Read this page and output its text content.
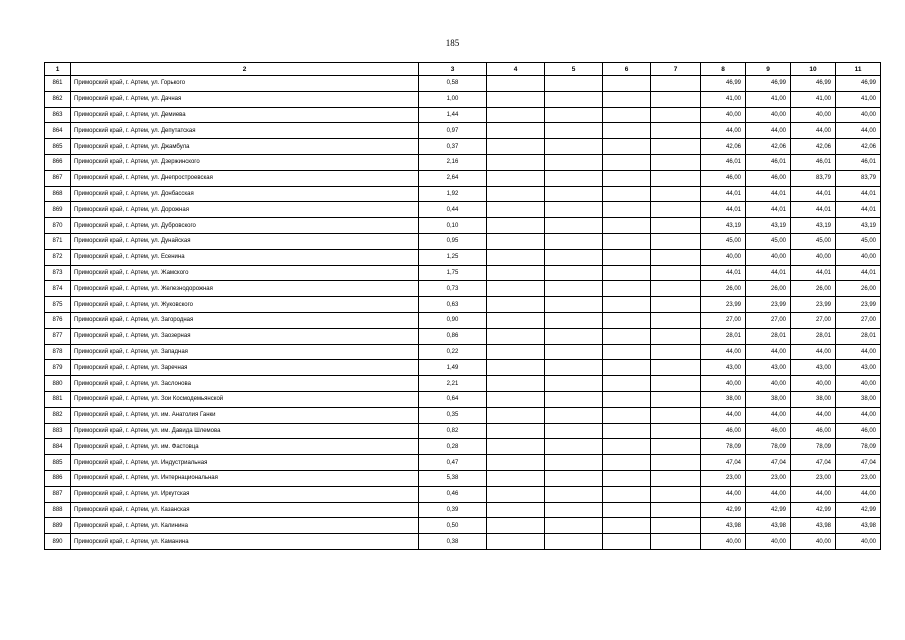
185
1	2	3	4	5	6	7	8	9	10	11
861	Приморский край, г. Артем, ул. Горького	0,58					46,99	46,99	46,99	46,99
862	Приморский край, г. Артем, ул. Дачная	1,00					41,00	41,00	41,00	41,00
863	Приморский край, г. Артем, ул. Демиева	1,44					40,00	40,00	40,00	40,00
864	Приморский край, г. Артем, ул. Депутатская	0,97					44,00	44,00	44,00	44,00
865	Приморский край, г. Артем, ул. Джамбула	0,37					42,06	42,06	42,06	42,06
866	Приморский край, г. Артем, ул. Дзержинского	2,16					46,01	46,01	46,01	46,01
867	Приморский край, г. Артем, ул. Днепростроевская	2,64					46,00	46,00	83,79	83,79
868	Приморский край, г. Артем, ул. Донбасская	1,92					44,01	44,01	44,01	44,01
869	Приморский край, г. Артем, ул. Дорожная	0,44					44,01	44,01	44,01	44,01
870	Приморский край, г. Артем, ул. Дубровского	0,10					43,19	43,19	43,19	43,19
871	Приморский край, г. Артем, ул. Дунайская	0,95					45,00	45,00	45,00	45,00
872	Приморский край, г. Артем, ул. Есенина	1,25					40,00	40,00	40,00	40,00
873	Приморский край, г. Артем, ул. Жамского	1,75					44,01	44,01	44,01	44,01
874	Приморский край, г. Артем, ул. Железнодорожная	0,73					26,00	26,00	26,00	26,00
875	Приморский край, г. Артем, ул. Жуковского	0,63					23,99	23,99	23,99	23,99
876	Приморский край, г. Артем, ул. Загородная	0,90					27,00	27,00	27,00	27,00
877	Приморский край, г. Артем, ул. Заозерная	0,86					28,01	28,01	28,01	28,01
878	Приморский край, г. Артем, ул. Западная	0,22					44,00	44,00	44,00	44,00
879	Приморский край, г. Артем, ул. Заречная	1,49					43,00	43,00	43,00	43,00
880	Приморский край, г. Артем, ул. Заслонова	2,21					40,00	40,00	40,00	40,00
881	Приморский край, г. Артем, ул. Зои Космодемьянской	0,64					38,00	38,00	38,00	38,00
882	Приморский край, г. Артем, ул. им. Анатолия Ганки	0,35					44,00	44,00	44,00	44,00
883	Приморский край, г. Артем, ул. им. Давида Шлемова	0,82					46,00	46,00	46,00	46,00
884	Приморский край, г. Артем, ул. им. Фастовца	0,28					78,09	78,09	78,09	78,09
885	Приморский край, г. Артем, ул. Индустриальная	0,47					47,04	47,04	47,04	47,04
886	Приморский край, г. Артем, ул. Интернациональная	5,38					23,00	23,00	23,00	23,00
887	Приморский край, г. Артем, ул. Иркутская	0,46					44,00	44,00	44,00	44,00
888	Приморский край, г. Артем, ул. Казанская	0,39					42,99	42,99	42,99	42,99
889	Приморский край, г. Артем, ул. Калинина	0,50					43,98	43,98	43,98	43,98
890	Приморский край, г. Артем, ул. Каманина	0,38					40,00	40,00	40,00	40,00
